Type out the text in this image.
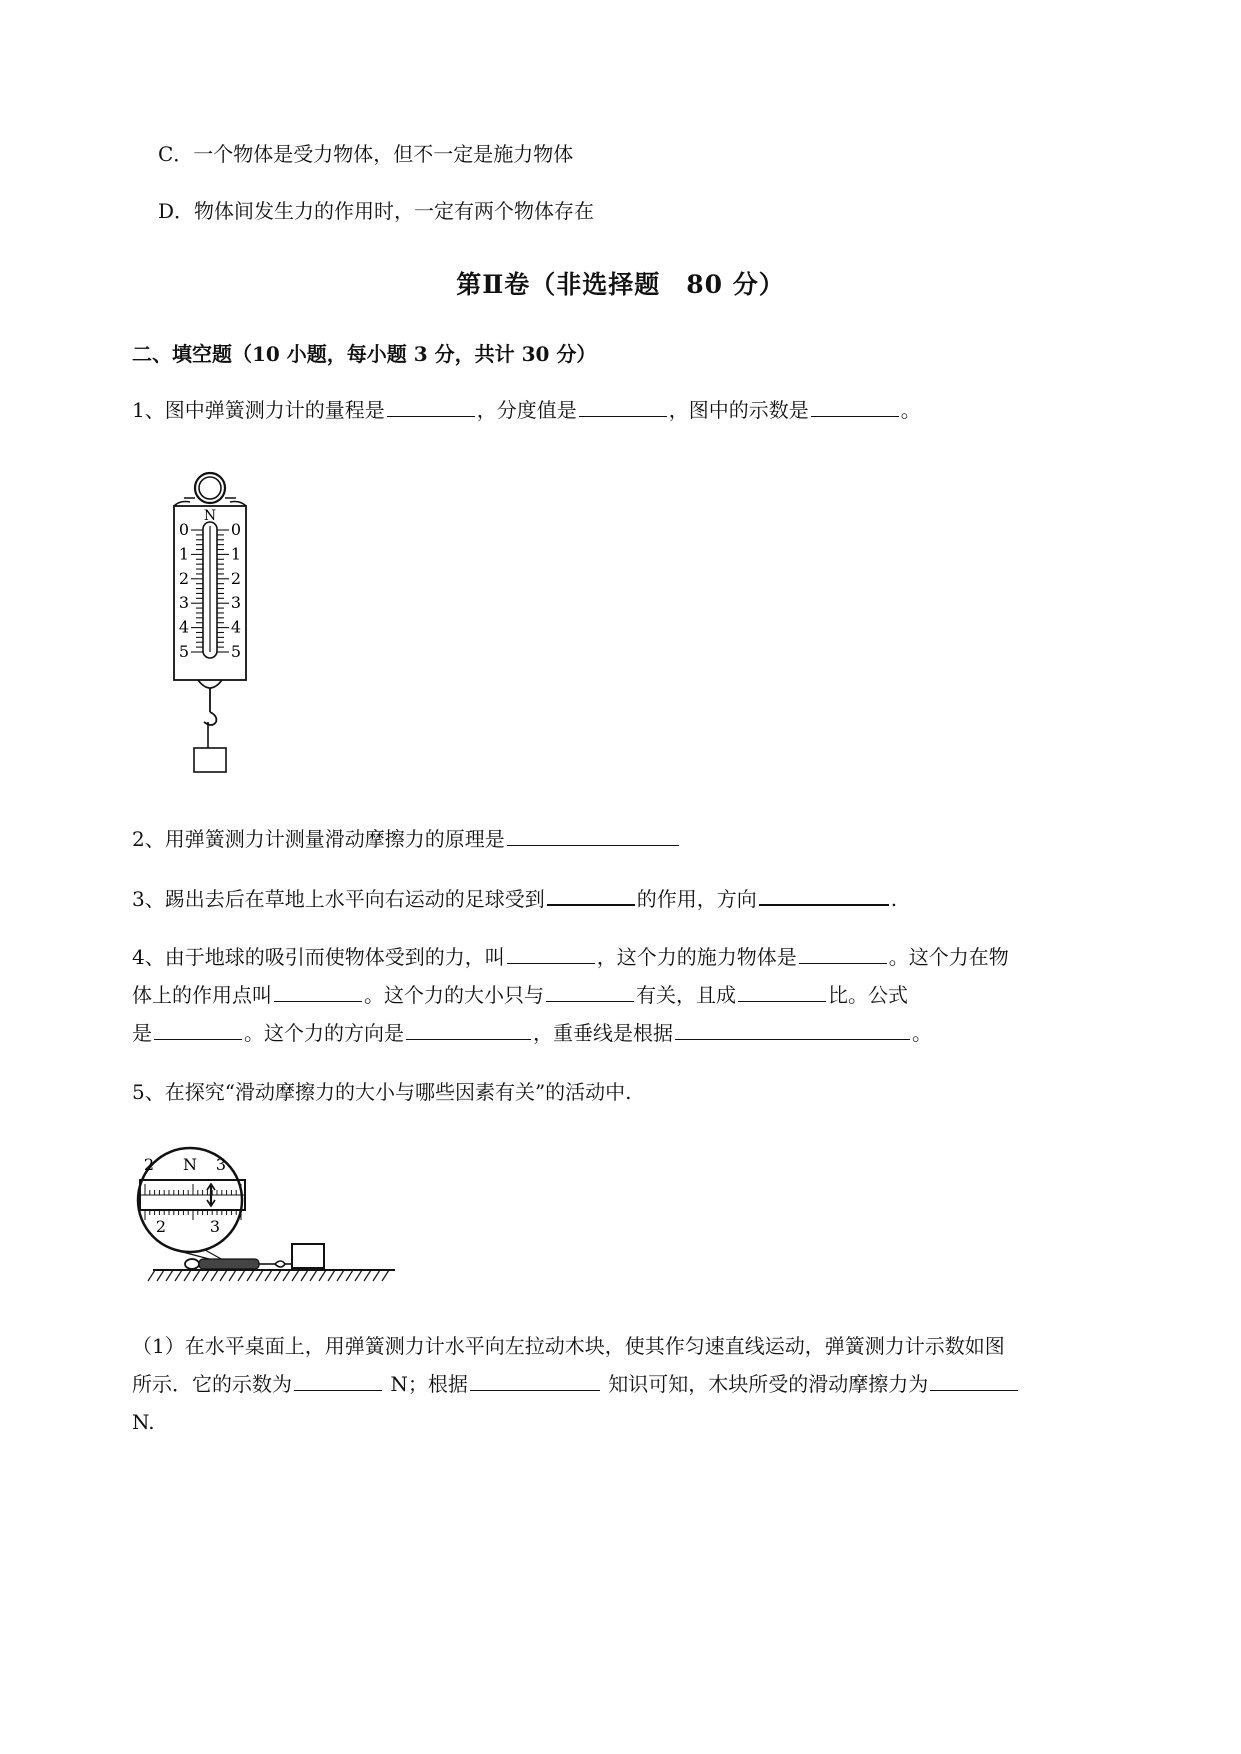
C．一个物体是受力物体，但不一定是施力物体
D．物体间发生力的作用时，一定有两个物体存在
第Ⅱ卷（非选择题　80 分）
二、填空题（10 小题，每小题 3 分，共计 30 分）
1、图中弹簧测力计的量程是	，分度值是	，图中的示数是	。
N
0
1
2
3
4
5
0
1
2
3
4
5
2、用弹簧测力计测量滑动摩擦力的原理是
3、踢出去后在草地上水平向右运动的足球受到	的作用，方向	.
4、由于地球的吸引而使物体受到的力，叫	，这个力的施力物体是	。这个力在物
体上的作用点叫	。这个力的大小只与	有关，且成	比。公式
是	。这个力的方向是	，重垂线是根据	。
5、在探究“滑动摩擦力的大小与哪些因素有关”的活动中.
N
2	3
2	3
（1）在水平桌面上，用弹簧测力计水平向左拉动木块，使其作匀速直线运动，弹簧测力计示数如图
所示．它的示数为	N；根据	知识可知，木块所受的滑动摩擦力为
N.
